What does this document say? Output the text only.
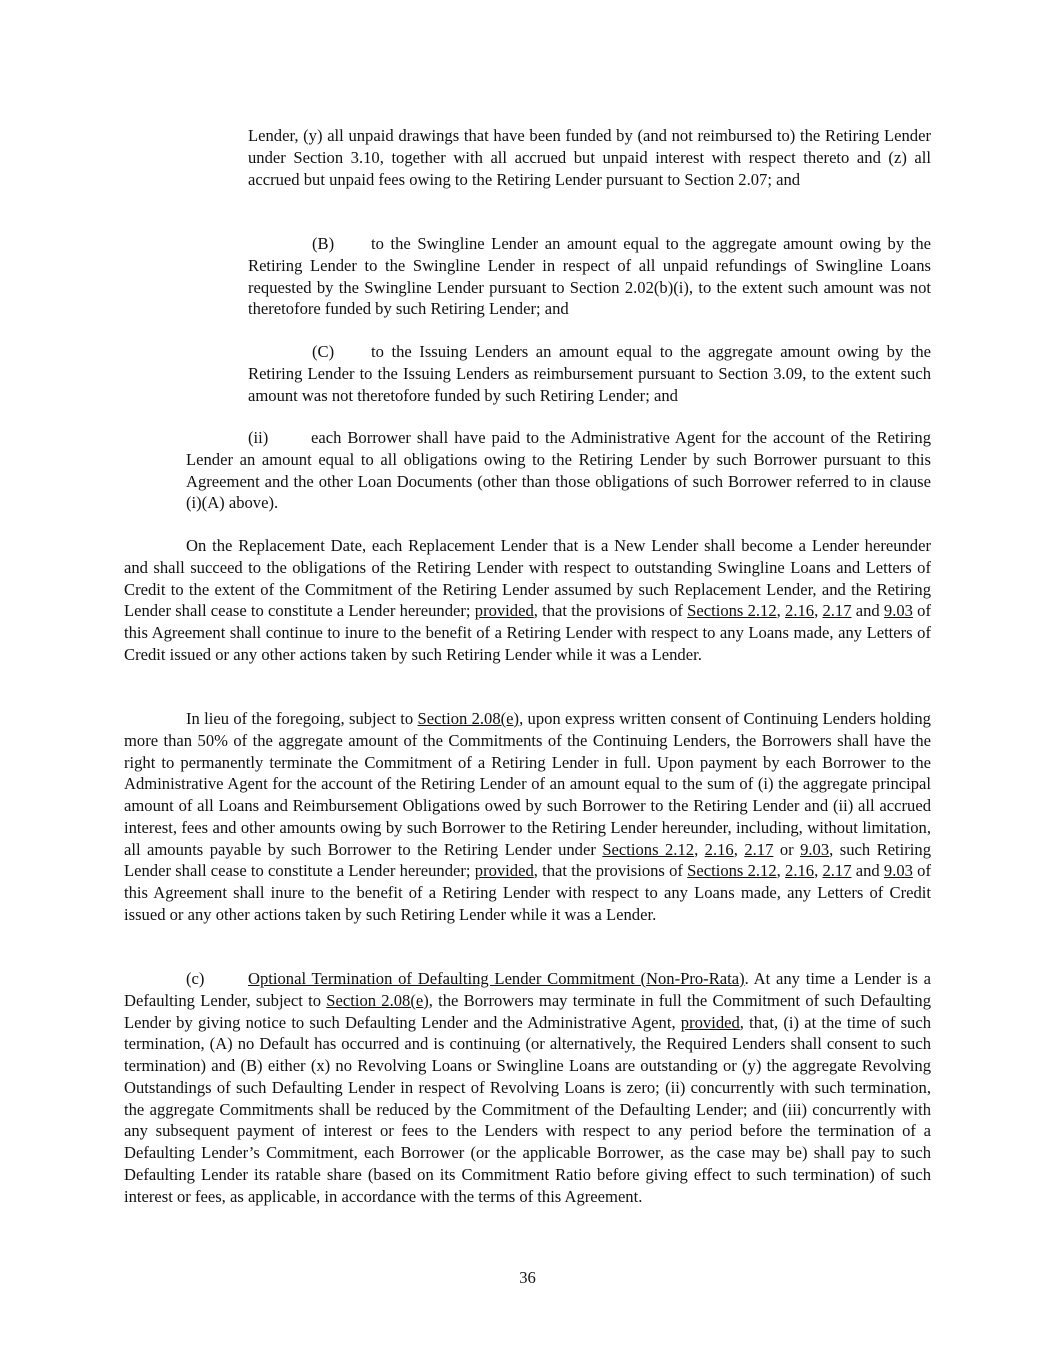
Lender, (y) all unpaid drawings that have been funded by (and not reimbursed to) the Retiring Lender under Section 3.10, together with all accrued but unpaid interest with respect thereto and (z) all accrued but unpaid fees owing to the Retiring Lender pursuant to Section 2.07; and

(B) to the Swingline Lender an amount equal to the aggregate amount owing by the Retiring Lender to the Swingline Lender in respect of all unpaid refundings of Swingline Loans requested by the Swingline Lender pursuant to Section 2.02(b)(i), to the extent such amount was not theretofore funded by such Retiring Lender; and

(C) to the Issuing Lenders an amount equal to the aggregate amount owing by the Retiring Lender to the Issuing Lenders as reimbursement pursuant to Section 3.09, to the extent such amount was not theretofore funded by such Retiring Lender; and

(ii)	each Borrower shall have paid to the Administrative Agent for the account of the Retiring Lender an amount equal to all obligations owing to the Retiring Lender by such Borrower pursuant to this Agreement and the other Loan Documents (other than those obligations of such Borrower referred to in clause (i)(A) above).

On the Replacement Date, each Replacement Lender that is a New Lender shall become a Lender hereunder and shall succeed to the obligations of the Retiring Lender with respect to outstanding Swingline Loans and Letters of Credit to the extent of the Commitment of the Retiring Lender assumed by such Replacement Lender, and the Retiring Lender shall cease to constitute a Lender hereunder; provided, that the provisions of Sections 2.12, 2.16, 2.17 and 9.03 of this Agreement shall continue to inure to the benefit of a Retiring Lender with respect to any Loans made, any Letters of Credit issued or any other actions taken by such Retiring Lender while it was a Lender.

In lieu of the foregoing, subject to Section 2.08(e), upon express written consent of Continuing Lenders holding more than 50% of the aggregate amount of the Commitments of the Continuing Lenders, the Borrowers shall have the right to permanently terminate the Commitment of a Retiring Lender in full. Upon payment by each Borrower to the Administrative Agent for the account of the Retiring Lender of an amount equal to the sum of (i) the aggregate principal amount of all Loans and Reimbursement Obligations owed by such Borrower to the Retiring Lender and (ii) all accrued interest, fees and other amounts owing by such Borrower to the Retiring Lender hereunder, including, without limitation, all amounts payable by such Borrower to the Retiring Lender under Sections 2.12, 2.16, 2.17 or 9.03, such Retiring Lender shall cease to constitute a Lender hereunder; provided, that the provisions of Sections 2.12, 2.16, 2.17 and 9.03 of this Agreement shall inure to the benefit of a Retiring Lender with respect to any Loans made, any Letters of Credit issued or any other actions taken by such Retiring Lender while it was a Lender.

(c)	Optional Termination of Defaulting Lender Commitment (Non-Pro-Rata). At any time a Lender is a Defaulting Lender, subject to Section 2.08(e), the Borrowers may terminate in full the Commitment of such Defaulting Lender by giving notice to such Defaulting Lender and the Administrative Agent, provided, that, (i) at the time of such termination, (A) no Default has occurred and is continuing (or alternatively, the Required Lenders shall consent to such termination) and (B) either (x) no Revolving Loans or Swingline Loans are outstanding or (y) the aggregate Revolving Outstandings of such Defaulting Lender in respect of Revolving Loans is zero; (ii) concurrently with such termination, the aggregate Commitments shall be reduced by the Commitment of the Defaulting Lender; and (iii) concurrently with any subsequent payment of interest or fees to the Lenders with respect to any period before the termination of a Defaulting Lender’s Commitment, each Borrower (or the applicable Borrower, as the case may be) shall pay to such Defaulting Lender its ratable share (based on its Commitment Ratio before giving effect to such termination) of such interest or fees, as applicable, in accordance with the terms of this Agreement.

36
